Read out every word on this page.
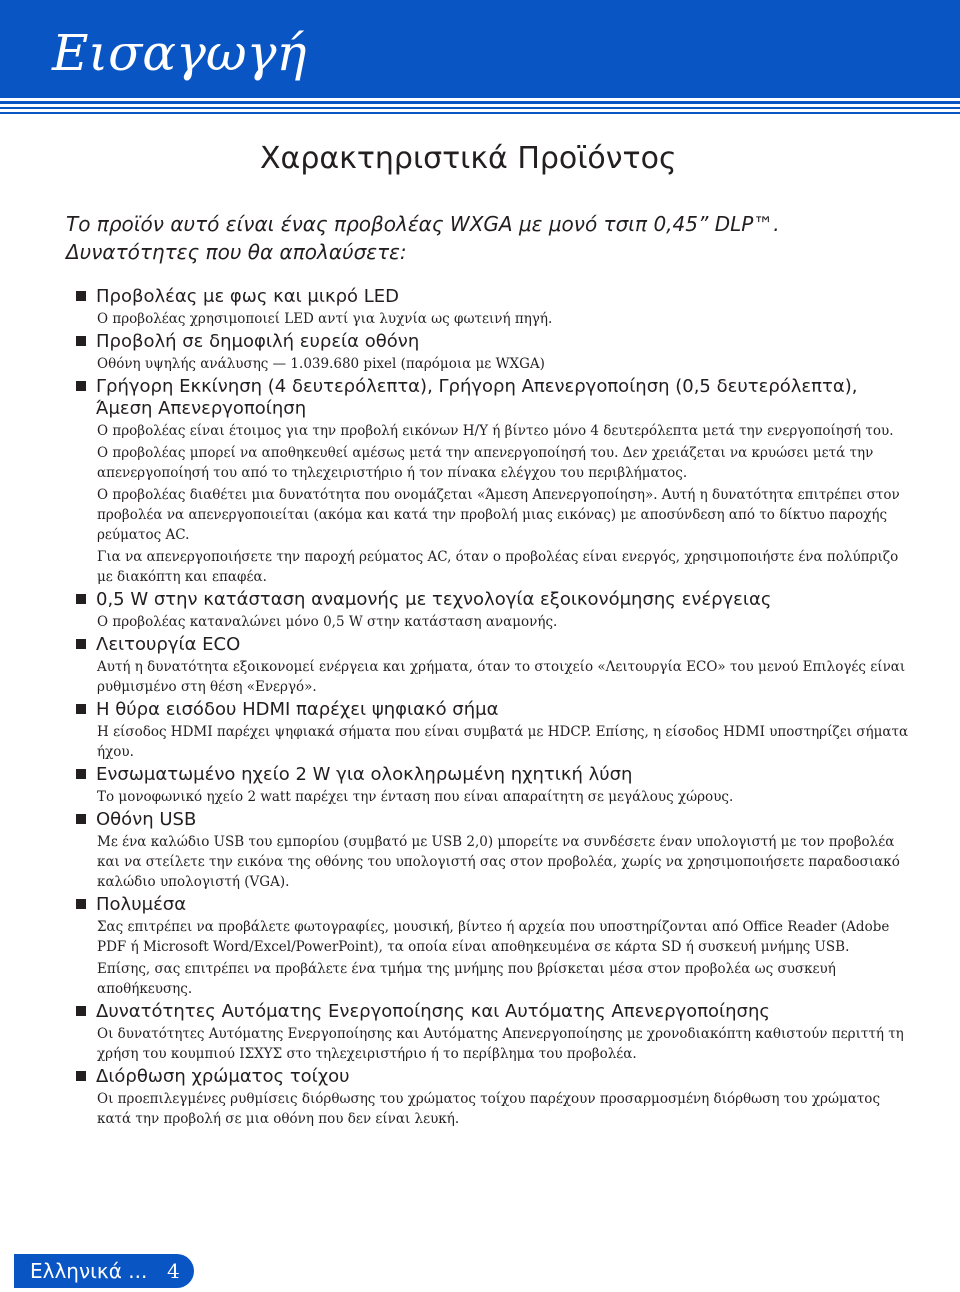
Εισαγωγή
Χαρακτηριστικά Προϊόντος
Το προϊόν αυτό είναι ένας προβολέας WXGA με μονό τσιπ 0,45” DLP™.
Δυνατότητες που θα απολαύσετε:
Προβολέας με φως και μικρό LED
Ο προβολέας χρησιμοποιεί LED αντί για λυχνία ως φωτεινή πηγή.
Προβολή σε δημοφιλή ευρεία οθόνη
Οθόνη υψηλής ανάλυσης — 1.039.680 pixel (παρόμοια με WXGA)
Γρήγορη Εκκίνηση (4 δευτερόλεπτα), Γρήγορη Απενεργοποίηση (0,5 δευτερόλεπτα), Άμεση Απενεργοποίηση
Ο προβολέας είναι έτοιμος για την προβολή εικόνων Η/Υ ή βίντεο μόνο 4 δευτερόλεπτα μετά την ενεργοποίησή του.
Ο προβολέας μπορεί να αποθηκευθεί αμέσως μετά την απενεργοποίησή του. Δεν χρειάζεται να κρυώσει μετά την απενεργοποίησή του από το τηλεχειριστήριο ή τον πίνακα ελέγχου του περιβλήματος.
Ο προβολέας διαθέτει μια δυνατότητα που ονομάζεται «Άμεση Απενεργοποίηση». Αυτή η δυνατότητα επιτρέπει στον προβολέα να απενεργοποιείται (ακόμα και κατά την προβολή μιας εικόνας) με αποσύνδεση από το δίκτυο παροχής ρεύματος AC.
Για να απενεργοποιήσετε την παροχή ρεύματος AC, όταν ο προβολέας είναι ενεργός, χρησιμοποιήστε ένα πολύπριζο με διακόπτη και επαφέα.
0,5 W στην κατάσταση αναμονής με τεχνολογία εξοικονόμησης ενέργειας
Ο προβολέας καταναλώνει μόνο 0,5 W στην κατάσταση αναμονής.
Λειτουργία ECO
Αυτή η δυνατότητα εξοικονομεί ενέργεια και χρήματα, όταν το στοιχείο «Λειτουργία ECO» του μενού Επιλογές είναι ρυθμισμένο στη θέση «Ενεργό».
Η θύρα εισόδου HDMI παρέχει ψηφιακό σήμα
Η είσοδος HDMI παρέχει ψηφιακά σήματα που είναι συμβατά με HDCP. Επίσης, η είσοδος HDMI υποστηρίζει σήματα ήχου.
Ενσωματωμένο ηχείο 2 W για ολοκληρωμένη ηχητική λύση
Το μονοφωνικό ηχείο 2 watt παρέχει την ένταση που είναι απαραίτητη σε μεγάλους χώρους.
Οθόνη USB
Με ένα καλώδιο USB του εμπορίου (συμβατό με USB 2,0) μπορείτε να συνδέσετε έναν υπολογιστή με τον προβολέα και να στείλετε την εικόνα της οθόνης του υπολογιστή σας στον προβολέα, χωρίς να χρησιμοποιήσετε παραδοσιακό καλώδιο υπολογιστή (VGA).
Πολυμέσα
Σας επιτρέπει να προβάλετε φωτογραφίες, μουσική, βίντεο ή αρχεία που υποστηρίζονται από Office Reader (Adobe PDF ή Microsoft Word/Excel/PowerPoint), τα οποία είναι αποθηκευμένα σε κάρτα SD ή συσκευή μνήμης USB.
Επίσης, σας επιτρέπει να προβάλετε ένα τμήμα της μνήμης που βρίσκεται μέσα στον προβολέα ως συσκευή αποθήκευσης.
Δυνατότητες Αυτόματης Ενεργοποίησης και Αυτόματης Απενεργοποίησης
Οι δυνατότητες Αυτόματης Ενεργοποίησης και Αυτόματης Απενεργοποίησης με χρονοδιακόπτη καθιστούν περιττή τη χρήση του κουμπιού ΙΣΧΥΣ στο τηλεχειριστήριο ή το περίβλημα του προβολέα.
Διόρθωση χρώματος τοίχου
Οι προεπιλεγμένες ρυθμίσεις διόρθωσης του χρώματος τοίχου παρέχουν προσαρμοσμένη διόρθωση του χρώματος κατά την προβολή σε μια οθόνη που δεν είναι λευκή.
Ελληνικά ... 4
